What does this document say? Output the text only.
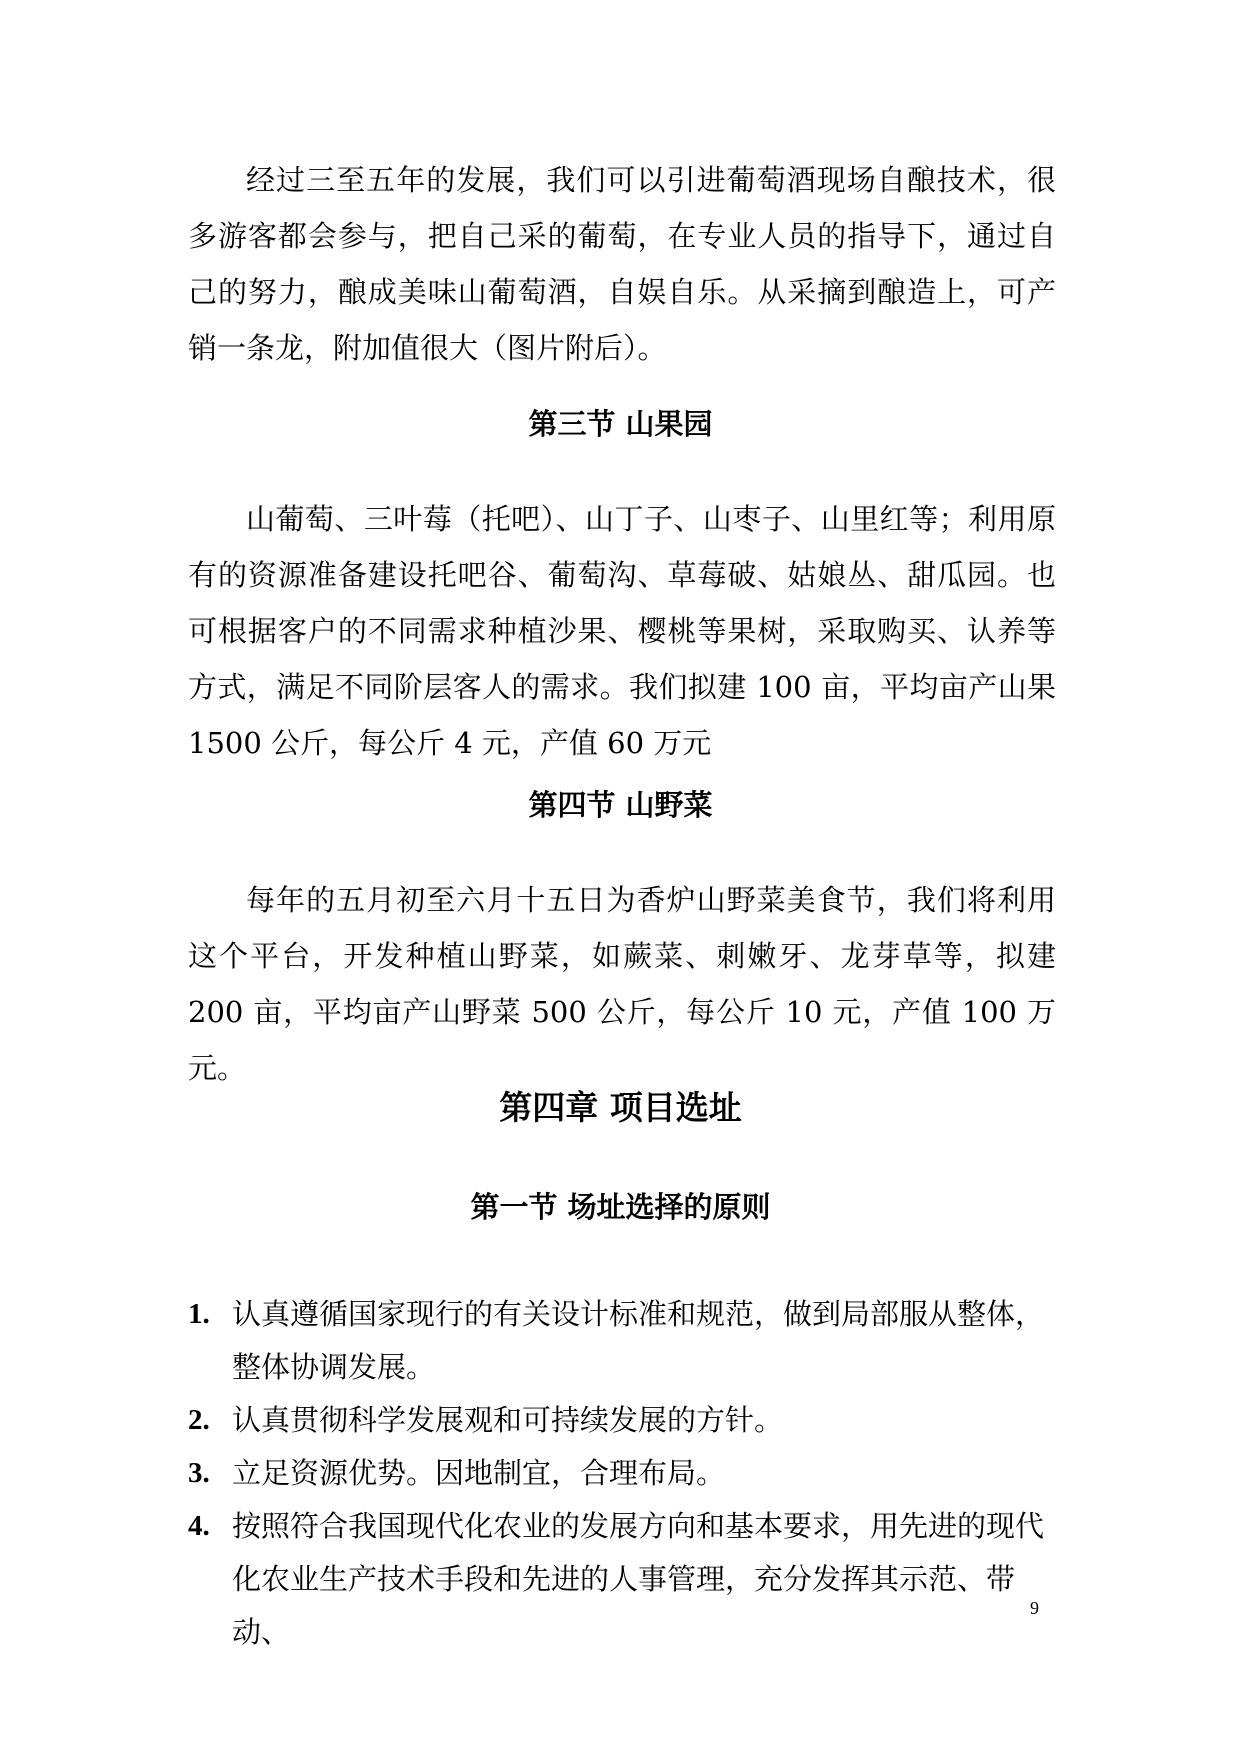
经过三至五年的发展，我们可以引进葡萄酒现场自酿技术，很多游客都会参与，把自己采的葡萄，在专业人员的指导下，通过自己的努力，酿成美味山葡萄酒，自娱自乐。从采摘到酿造上，可产销一条龙，附加值很大（图片附后）。

第三节 山果园

山葡萄、三叶莓（托吧）、山丁子、山枣子、山里红等；利用原有的资源准备建设托吧谷、葡萄沟、草莓破、姑娘丛、甜瓜园。也可根据客户的不同需求种植沙果、樱桃等果树，采取购买、认养等方式，满足不同阶层客人的需求。我们拟建 100 亩，平均亩产山果 1500 公斤，每公斤 4 元，产值 60 万元

第四节 山野菜

每年的五月初至六月十五日为香炉山野菜美食节，我们将利用这个平台，开发种植山野菜，如蕨菜、刺嫩牙、龙芽草等，拟建 200 亩，平均亩产山野菜 500 公斤，每公斤 10 元，产值 100 万元。

第四章 项目选址
第一节 场址选择的原则
1. 认真遵循国家现行的有关设计标准和规范，做到局部服从整体，整体协调发展。
2. 认真贯彻科学发展观和可持续发展的方针。
3. 立足资源优势。因地制宜，合理布局。
4. 按照符合我国现代化农业的发展方向和基本要求，用先进的现代化农业生产技术手段和先进的人事管理，充分发挥其示范、带动、
9
